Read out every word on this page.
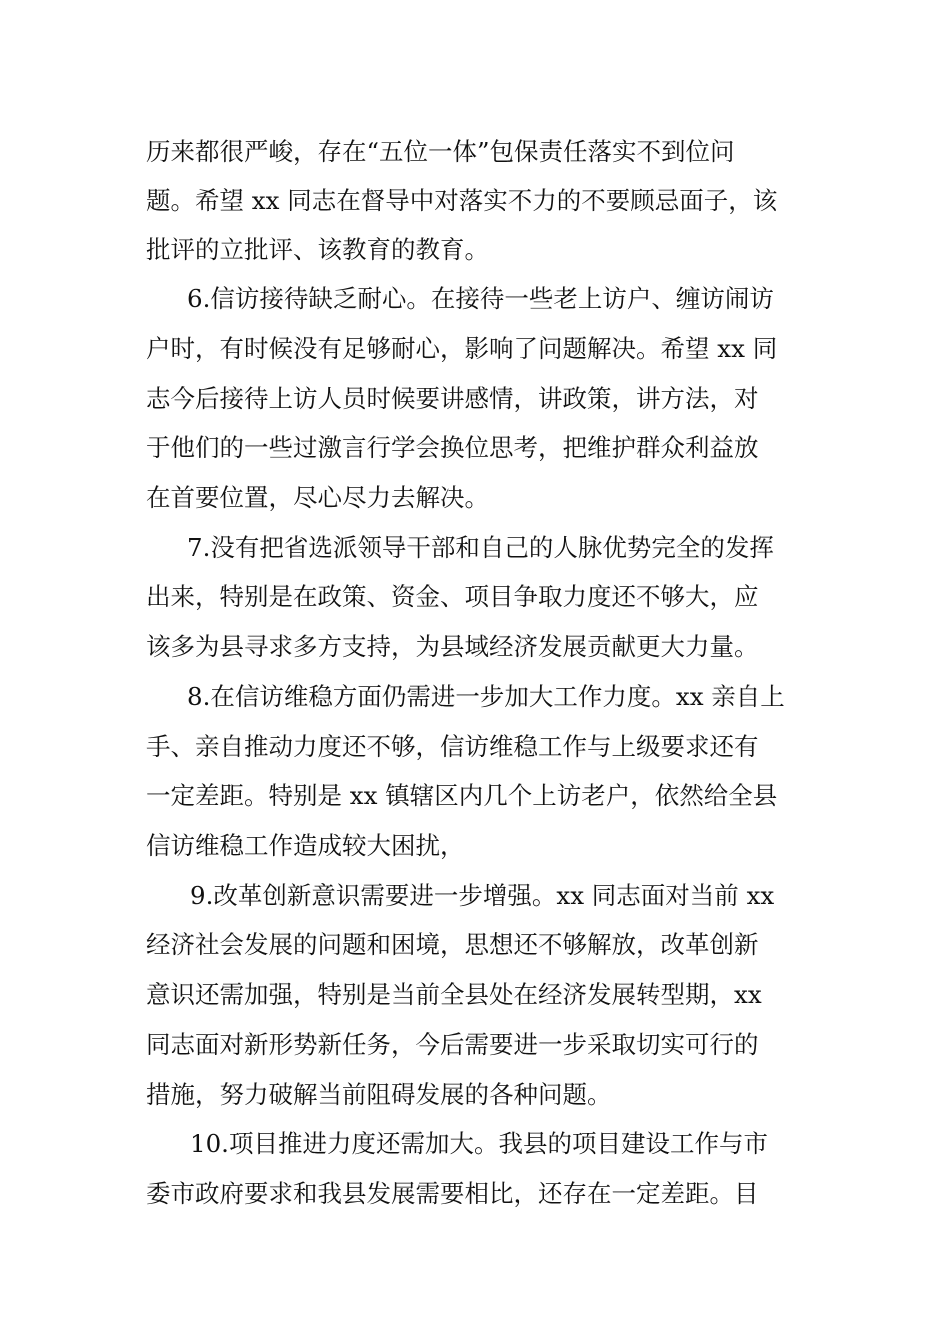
历来都很严峻，存在“五位一体”包保责任落实不到位问

题。希望 xx 同志在督导中对落实不力的不要顾忌面子，该

批评的立批评、该教育的教育。

6.信访接待缺乏耐心。在接待一些老上访户、缠访闹访

户时，有时候没有足够耐心，影响了问题解决。希望 xx 同

志今后接待上访人员时候要讲感情，讲政策，讲方法，对

于他们的一些过激言行学会换位思考，把维护群众利益放

在首要位置，尽心尽力去解决。

7.没有把省选派领导干部和自己的人脉优势完全的发挥

出来，特别是在政策、资金、项目争取力度还不够大，应

该多为县寻求多方支持，为县域经济发展贡献更大力量。

8.在信访维稳方面仍需进一步加大工作力度。xx 亲自上

手、亲自推动力度还不够，信访维稳工作与上级要求还有

一定差距。特别是 xx 镇辖区内几个上访老户，依然给全县

信访维稳工作造成较大困扰，

9.改革创新意识需要进一步增强。xx 同志面对当前 xx

经济社会发展的问题和困境，思想还不够解放，改革创新

意识还需加强，特别是当前全县处在经济发展转型期，xx

同志面对新形势新任务，今后需要进一步采取切实可行的

措施，努力破解当前阻碍发展的各种问题。

10.项目推进力度还需加大。我县的项目建设工作与市

委市政府要求和我县发展需要相比，还存在一定差距。目
